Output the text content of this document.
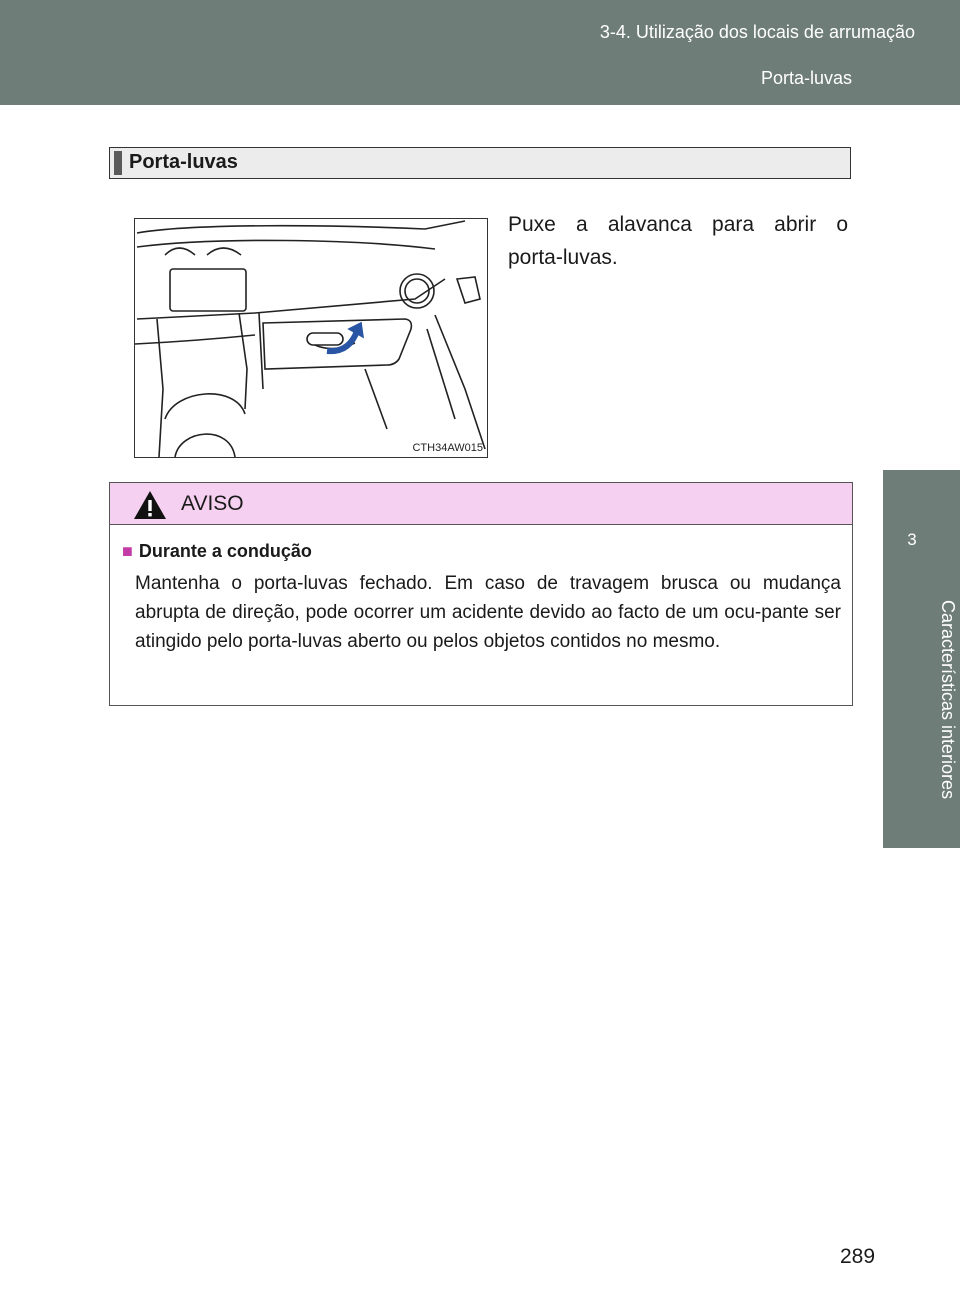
3-4. Utilização dos locais de arrumação
Porta-luvas
3
Características interiores
Porta-luvas
CTH34AW015
Puxe a alavanca para abrir o
porta-luvas.
AVISO
■ Durante a condução
Mantenha o porta-luvas fechado. Em caso de travagem brusca ou mudança abrupta de direção, pode ocorrer um acidente devido ao facto de um ocu-pante ser atingido pelo porta-luvas aberto ou pelos objetos contidos no mesmo.
289
